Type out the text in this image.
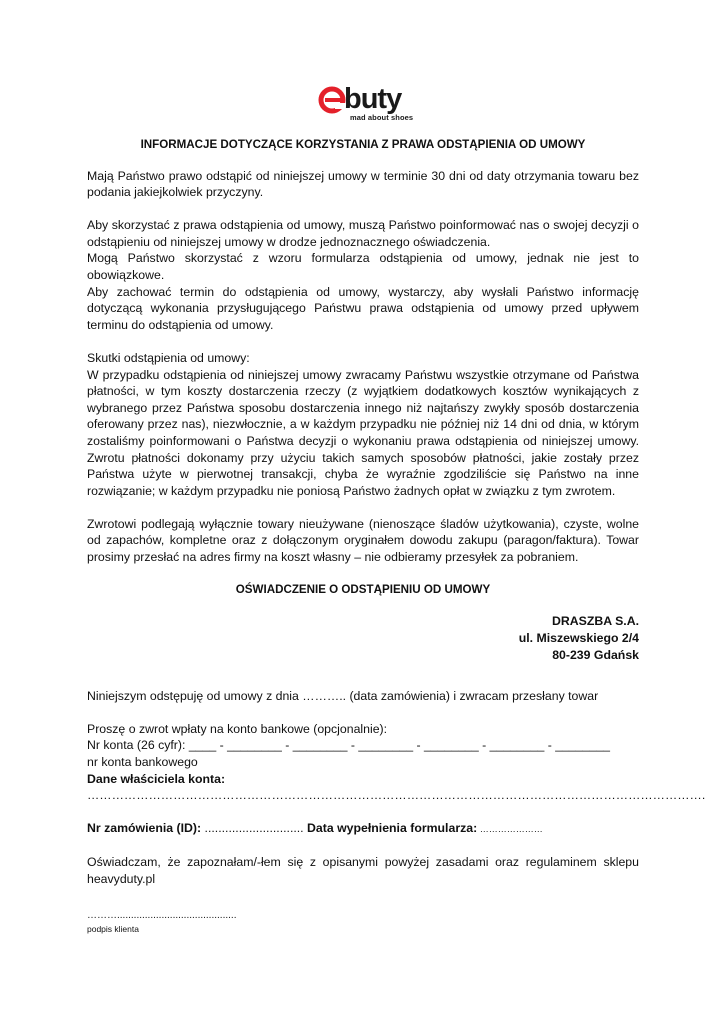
buty
mad about shoes

INFORMACJE DOTYCZĄCE KORZYSTANIA Z PRAWA ODSTĄPIENIA OD UMOWY

Mają Państwo prawo odstąpić od niniejszej umowy w terminie 30 dni od daty otrzymania towaru bez podania jakiejkolwiek przyczyny.

Aby skorzystać z prawa odstąpienia od umowy, muszą Państwo poinformować nas o swojej decyzji o odstąpieniu od niniejszej umowy w drodze jednoznacznego oświadczenia.

Mogą Państwo skorzystać z wzoru formularza odstąpienia od umowy, jednak nie jest to obowiązkowe.

Aby zachować termin do odstąpienia od umowy, wystarczy, aby wysłali Państwo informację dotyczącą wykonania przysługującego Państwu prawa odstąpienia od umowy przed upływem terminu do odstąpienia od umowy.

Skutki odstąpienia od umowy:

W przypadku odstąpienia od niniejszej umowy zwracamy Państwu wszystkie otrzymane od Państwa płatności, w tym koszty dostarczenia rzeczy (z wyjątkiem dodatkowych kosztów wynikających z wybranego przez Państwa sposobu dostarczenia innego niż najtańszy zwykły sposób dostarczenia oferowany przez nas), niezwłocznie, a w każdym przypadku nie później niż 14 dni od dnia, w którym zostaliśmy poinformowani o Państwa decyzji o wykonaniu prawa odstąpienia od niniejszej umowy. Zwrotu płatności dokonamy przy użyciu takich samych sposobów płatności, jakie zostały przez Państwa użyte w pierwotnej transakcji, chyba że wyraźnie zgodziliście się Państwo na inne rozwiązanie; w każdym przypadku nie poniosą Państwo żadnych opłat w związku z tym zwrotem.

Zwrotowi podlegają wyłącznie towary nieużywane (nienoszące śladów użytkowania), czyste, wolne od zapachów, kompletne oraz z dołączonym oryginałem dowodu zakupu (paragon/faktura). Towar prosimy przesłać na adres firmy na koszt własny – nie odbieramy przesyłek za pobraniem.

OŚWIADCZENIE O ODSTĄPIENIU OD UMOWY

DRASZBA S.A.
ul. Miszewskiego 2/4
80-239 Gdańsk

Niniejszym odstępuję od umowy z dnia ……….. (data zamówienia) i zwracam przesłany towar

Proszę o zwrot wpłaty na konto bankowe (opcjonalnie):

Nr konta (26 cyfr): ____ - ________ - ________ - ________ - ________ - ________ - ________

nr konta bankowego

Dane właściciela konta:

…………………………………………………………………………………………………………………………………….

Nr zamówienia (ID): ............................. Data wypełnienia formularza: …………………

Oświadczam, że zapoznałam/-łem się z opisanymi powyżej zasadami oraz regulaminem sklepu heavyduty.pl

………...........................................

podpis klienta
